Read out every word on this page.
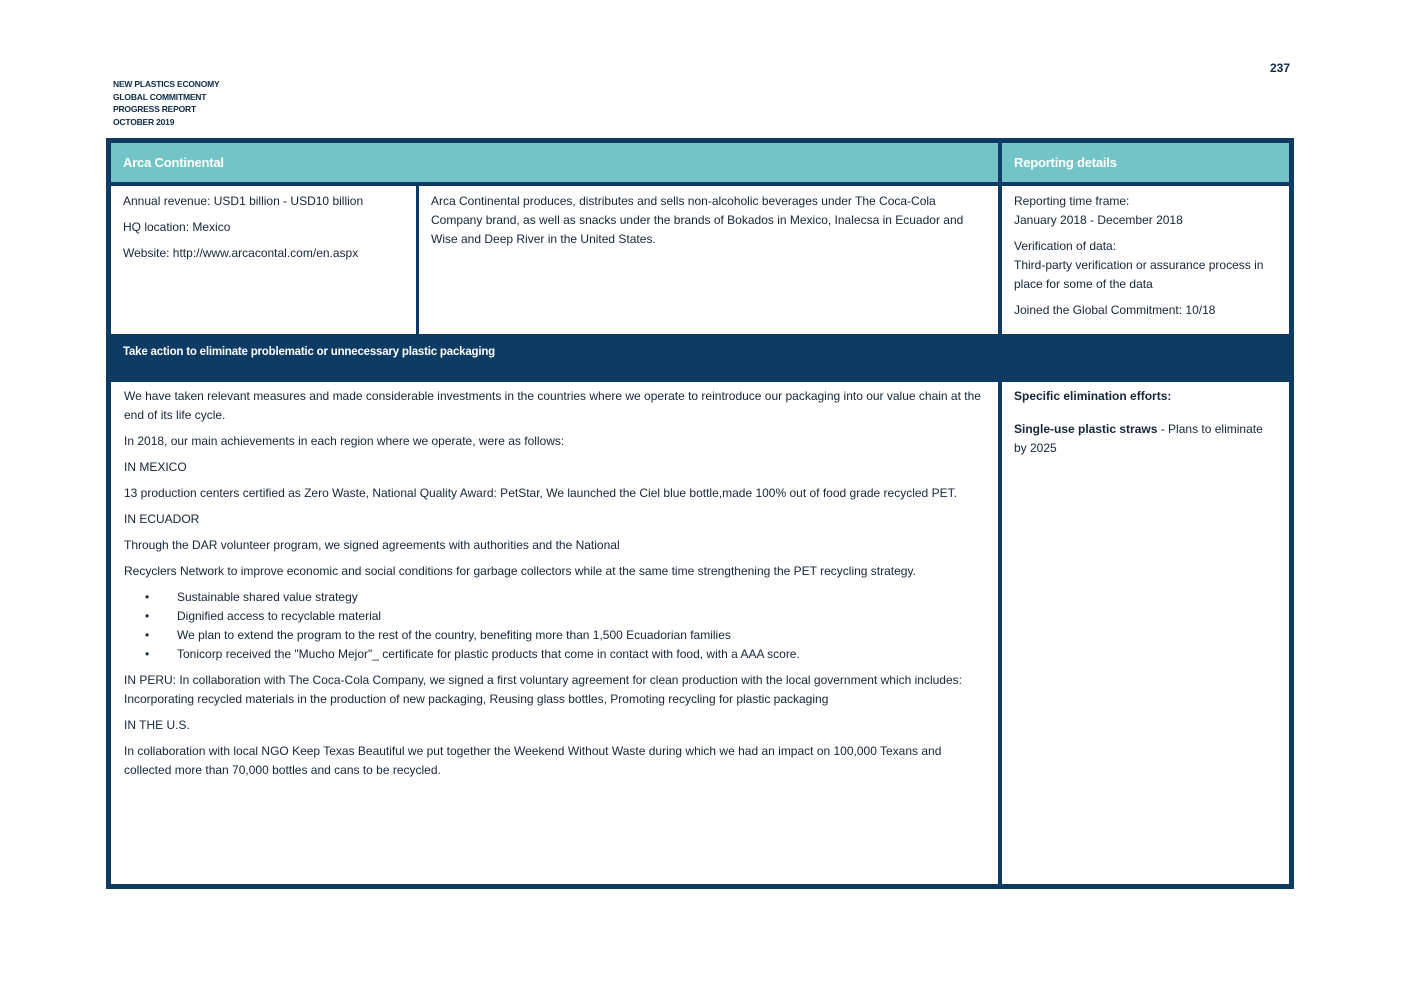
NEW PLASTICS ECONOMY
GLOBAL COMMITMENT
PROGRESS REPORT
OCTOBER 2019
237
Arca Continental	Reporting details

Annual revenue: USD1 billion - USD10 billion

HQ location: Mexico

Website: http://www.arcacontal.com/en.aspx

Arca Continental produces, distributes and sells non-alcoholic beverages under The Coca-Cola Company brand, as well as snacks under the brands of Bokados in Mexico, Inalecsa in Ecuador and Wise and Deep River in the United States.

Reporting time frame:

January 2018 - December 2018

Verification of data:

Third-party verification or assurance process in place for some of the data

Joined the Global Commitment: 10/18

Take action to eliminate problematic or unnecessary plastic packaging

We have taken relevant measures and made considerable investments in the countries where we operate to reintroduce our packaging into our value chain at the end of its life cycle.

In 2018, our main achievements in each region where we operate, were as follows:

IN MEXICO

13 production centers certified as Zero Waste, National Quality Award: PetStar, We launched the Ciel blue bottle,made 100% out of food grade recycled PET.

IN ECUADOR

Through the DAR volunteer program, we signed agreements with authorities and the National

Recyclers Network to improve economic and social conditions for garbage collectors while at the same time strengthening the PET recycling strategy.

• Sustainable shared value strategy
• Dignified access to recyclable material
• We plan to extend the program to the rest of the country, benefiting more than 1,500 Ecuadorian families
• Tonicorp received the "Mucho Mejor"_ certificate for plastic products that come in contact with food, with a AAA score.

IN PERU: In collaboration with The Coca-Cola Company, we signed a first voluntary agreement for clean production with the local government which includes: Incorporating recycled materials in the production of new packaging, Reusing glass bottles, Promoting recycling for plastic packaging

IN THE U.S.

In collaboration with local NGO Keep Texas Beautiful we put together the Weekend Without Waste during which we had an impact on 100,000 Texans and collected more than 70,000 bottles and cans to be recycled.

Specific elimination efforts:

Single-use plastic straws - Plans to eliminate by 2025
